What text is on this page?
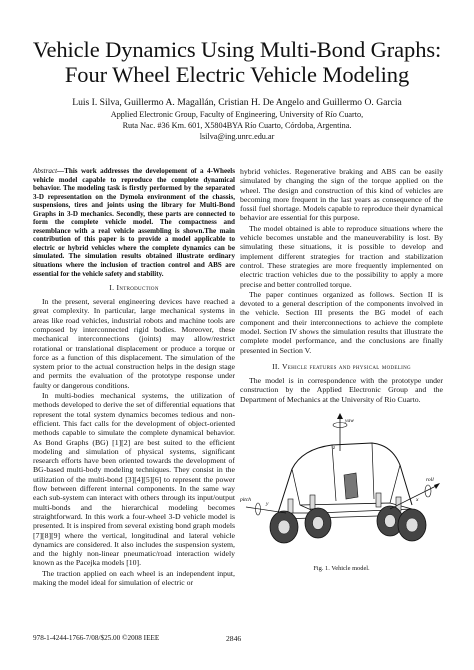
Vehicle Dynamics Using Multi-Bond Graphs:
Four Wheel Electric Vehicle Modeling
Luis I. Silva, Guillermo A. Magallán, Cristian H. De Angelo and Guillermo O. Garcia
Applied Electronic Group, Faculty of Engineering, University of Río Cuarto,
Ruta Nac. #36 Km. 601, X5804BYA Río Cuarto, Córdoba, Argentina.
lsilva@ing.unrc.edu.ar

Abstract—This work addresses the developement of a 4-Wheels vehicle model capable to reproduce the complete dynamical behavior. The modeling task is firstly performed by the separated 3-D representation on the Dymola environment of the chassis, suspensions, tires and joints using the library for Multi-Bond Graphs in 3-D mechanics. Secondly, these parts are connected to form the complete vehicle model. The compactness and resemblance with a real vehicle assembling is shown.The main contribution of this paper is to provide a model applicable to electric or hybrid vehicles where the complete dynamics can be simulated. The simulation results obtained illustrate ordinary situations where the inclusion of traction control and ABS are essential for the vehicle safety and stability.

I. Introduction

In the present, several engineering devices have reached a great complexity. In particular, large mechanical systems in areas like road vehicles, industrial robots and machine tools are composed by interconnected rigid bodies. Moreover, these mechanical interconnections (joints) may allow/restrict rotational or translational displacement or produce a torque or force as a function of this displacement. The simulation of the system prior to the actual construction helps in the design stage and permits the evaluation of the prototype response under faulty or dangerous conditions.

In multi-bodies mechanical systems, the utilization of methods developed to derive the set of differential equations that represent the total system dynamics becomes tedious and non-efficient. This fact calls for the development of object-oriented methods capable to simulate the complete dynamical behavior. As Bond Graphs (BG) [1][2] are best suited to the efficient modeling and simulation of physical systems, significant research efforts have been oriented towards the development of BG-based multi-body modeling techniques. They consist in the utilization of the multi-bond [3][4][5][6] to represent the power flow between different internal components. In the same way each sub-system can interact with others through its input/output multi-bonds and the hierarchical modeling becomes straightforward. In this work a four-wheel 3-D vehicle model is presented. It is inspired from several existing bond graph models [7][8][9] where the vertical, longitudinal and lateral vehicle dynamics are considered. It also includes the suspension system, and the highly non-linear pneumatic/road interaction widely known as the Pacejka models [10].

The traction applied on each wheel is an independent input, making the model ideal for simulation of electric or

hybrid vehicles. Regenerative braking and ABS can be easily simulated by changing the sign of the torque applied on the wheel. The design and construction of this kind of vehicles are becoming more frequent in the last years as consequence of the fossil fuel shortage. Models capable to reproduce their dynamical behavior are essential for this purpose.

The model obtained is able to reproduce situations where the vehicle becomes unstable and the maneuverability is lost. By simulating these situations, it is possible to develop and implement different strategies for traction and stabilization control. These strategies are more frequently implemented on electric traction vehicles due to the possibility to apply a more precise and better controlled torque.

The paper continues organized as follows. Section II is devoted to a general description of the components involved in the vehicle. Section III presents the BG model of each component and their interconnections to achieve the complete model. Section IV shows the simulation results that illustrate the complete model performance, and the conclusions are finally presented in Section V.

II. Vehicle features and physical modeling

The model is in correspondence with the prototype under construction by the Applied Electronic Group and the Department of Mechanics at the University of Rio Cuarto.

yaw
z
pitch
y
roll
x
Fig. 1. Vehicle model.
978-1-4244-1766-7/08/$25.00 ©2008 IEEE	2846
